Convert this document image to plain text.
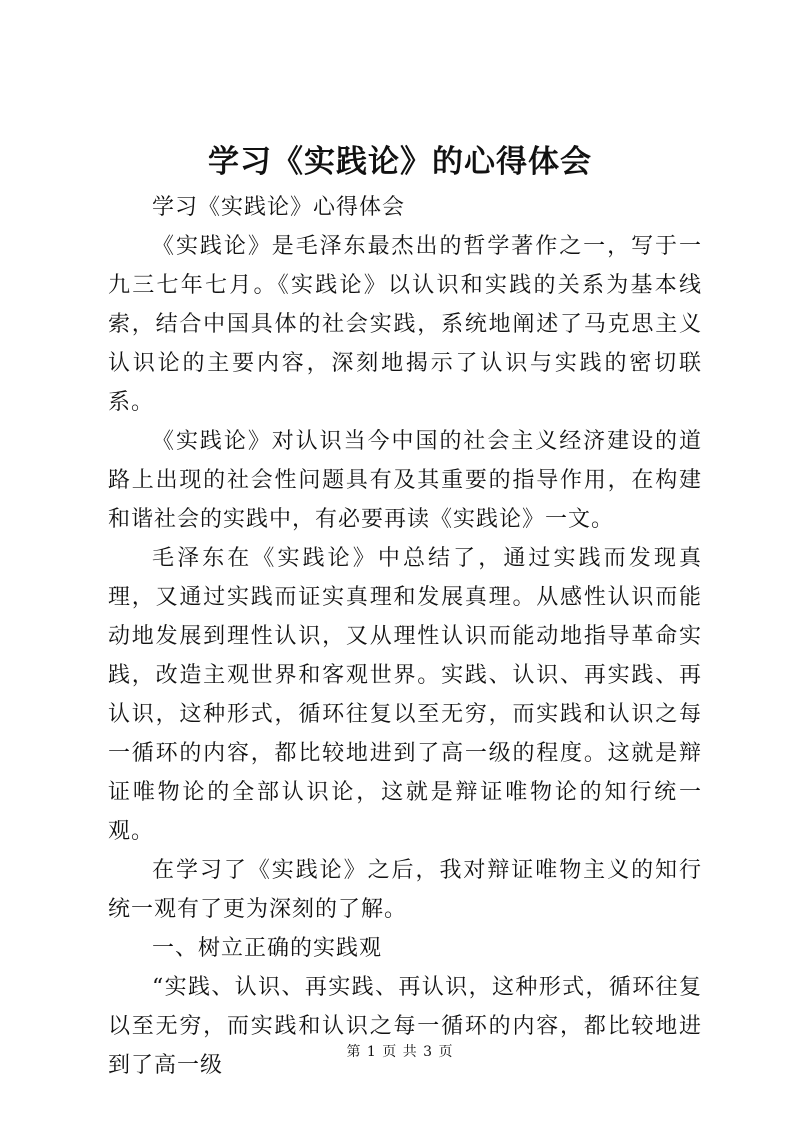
学习《实践论》的心得体会

学习《实践论》心得体会

《实践论》是毛泽东最杰出的哲学著作之一，写于一九三七年七月。《实践论》以认识和实践的关系为基本线索，结合中国具体的社会实践，系统地阐述了马克思主义认识论的主要内容，深刻地揭示了认识与实践的密切联系。

《实践论》对认识当今中国的社会主义经济建设的道路上出现的社会性问题具有及其重要的指导作用，在构建和谐社会的实践中，有必要再读《实践论》一文。

毛泽东在《实践论》中总结了，通过实践而发现真理，又通过实践而证实真理和发展真理。从感性认识而能动地发展到理性认识，又从理性认识而能动地指导革命实践，改造主观世界和客观世界。实践、认识、再实践、再认识，这种形式，循环往复以至无穷，而实践和认识之每一循环的内容，都比较地进到了高一级的程度。这就是辩证唯物论的全部认识论，这就是辩证唯物论的知行统一观。

在学习了《实践论》之后，我对辩证唯物主义的知行统一观有了更为深刻的了解。

一、树立正确的实践观

“实践、认识、再实践、再认识，这种形式，循环往复以至无穷，而实践和认识之每一循环的内容，都比较地进到了高一级

第 1 页 共 3 页
